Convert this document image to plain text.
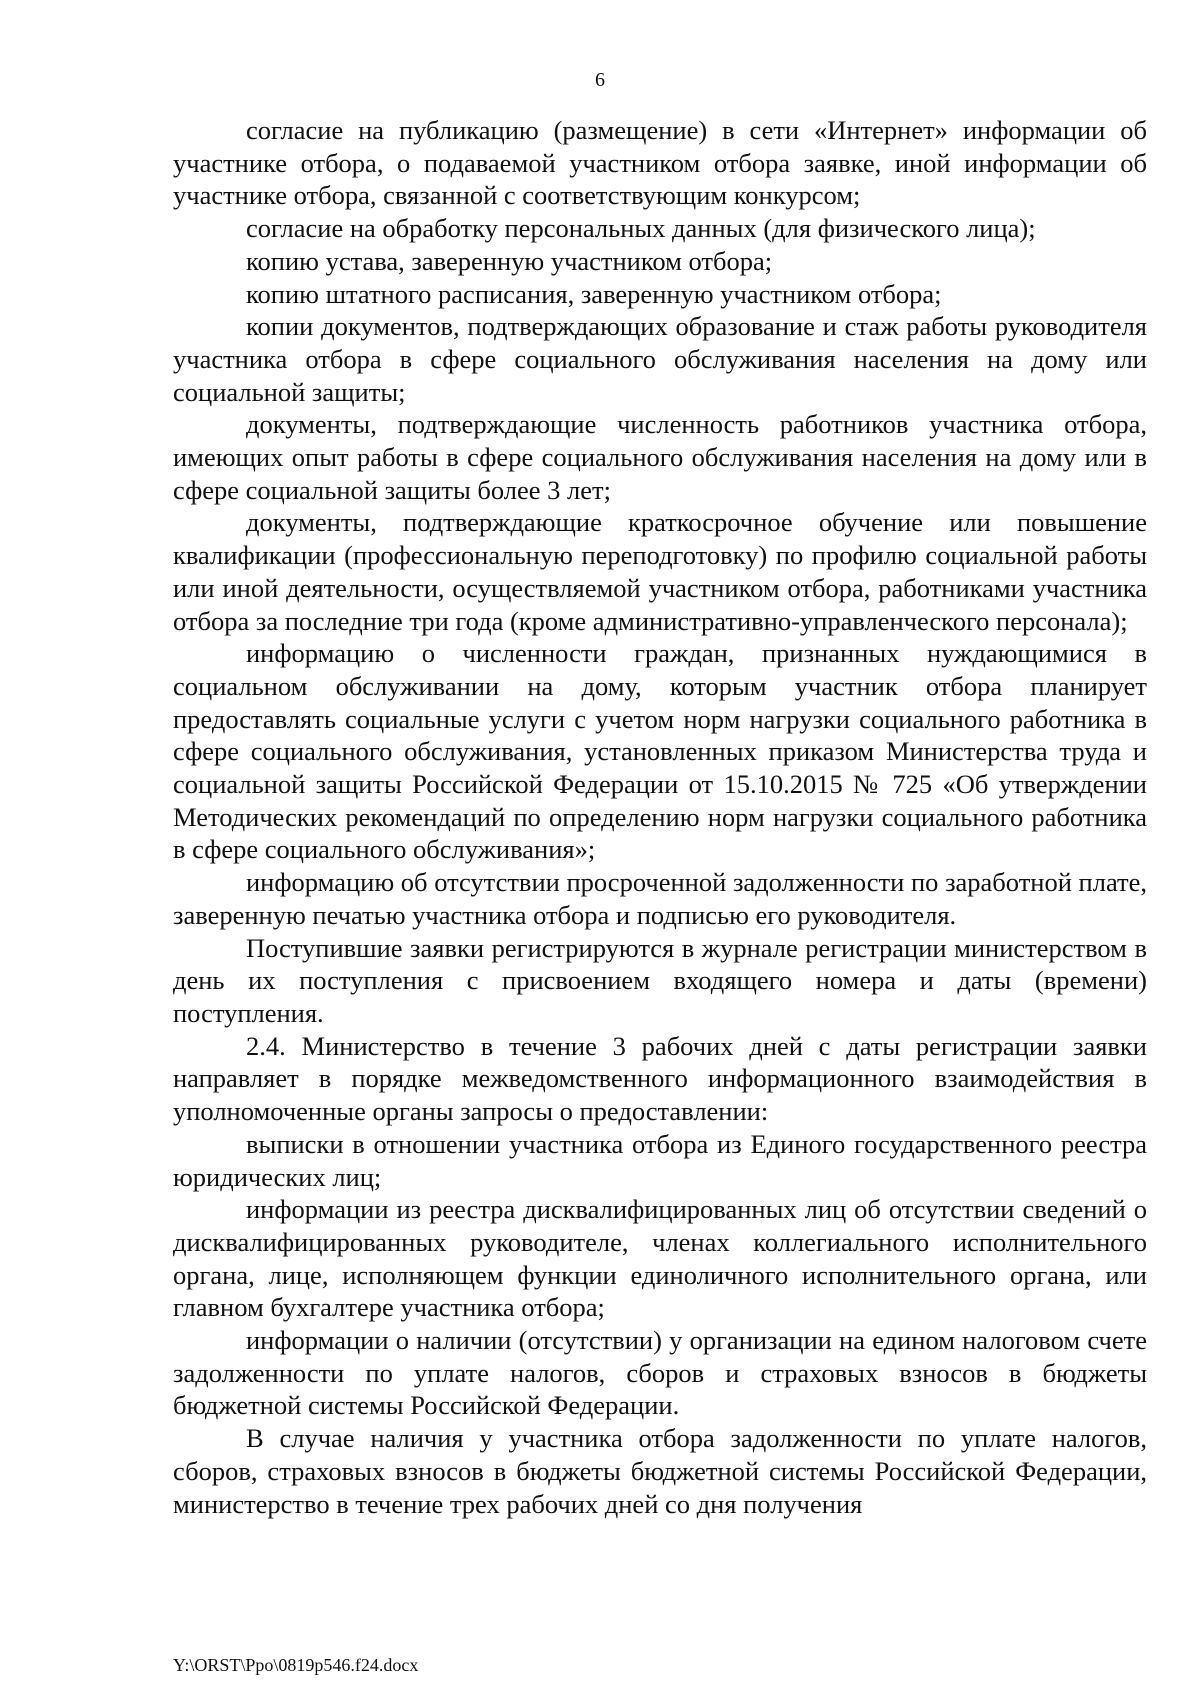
6

согласие на публикацию (размещение) в сети «Интернет» информации об участнике отбора, о подаваемой участником отбора заявке, иной информации об участнике отбора, связанной с соответствующим конкурсом;

согласие на обработку персональных данных (для физического лица);

копию устава, заверенную участником отбора;

копию штатного расписания, заверенную участником отбора;

копии документов, подтверждающих образование и стаж работы руководителя участника отбора в сфере социального обслуживания населения на дому или социальной защиты;

документы, подтверждающие численность работников участника отбора, имеющих опыт работы в сфере социального обслуживания населения на дому или в сфере социальной защиты более 3 лет;

документы, подтверждающие краткосрочное обучение или повышение квалификации (профессиональную переподготовку) по профилю социальной работы или иной деятельности, осуществляемой участником отбора, работниками участника отбора за последние три года (кроме административно-управленческого персонала);

информацию о численности граждан, признанных нуждающимися в социальном обслуживании на дому, которым участник отбора планирует предоставлять социальные услуги с учетом норм нагрузки социального работника в сфере социального обслуживания, установленных приказом Министерства труда и социальной защиты Российской Федерации от 15.10.2015 № 725 «Об утверждении Методических рекомендаций по определению норм нагрузки социального работника в сфере социального обслуживания»;

информацию об отсутствии просроченной задолженности по заработной плате, заверенную печатью участника отбора и подписью его руководителя.

Поступившие заявки регистрируются в журнале регистрации министерством в день их поступления с присвоением входящего номера и даты (времени) поступления.

2.4. Министерство в течение 3 рабочих дней с даты регистрации заявки направляет в порядке межведомственного информационного взаимодействия в уполномоченные органы запросы о предоставлении:

выписки в отношении участника отбора из Единого государственного реестра юридических лиц;

информации из реестра дисквалифицированных лиц об отсутствии сведений о дисквалифицированных руководителе, членах коллегиального исполнительного органа, лице, исполняющем функции единоличного исполнительного органа, или главном бухгалтере участника отбора;

информации о наличии (отсутствии) у организации на едином налоговом счете задолженности по уплате налогов, сборов и страховых взносов в бюджеты бюджетной системы Российской Федерации.

В случае наличия у участника отбора задолженности по уплате налогов, сборов, страховых взносов в бюджеты бюджетной системы Российской Федерации, министерство в течение трех рабочих дней со дня получения

Y:\ORST\Ppo\0819p546.f24.docx
